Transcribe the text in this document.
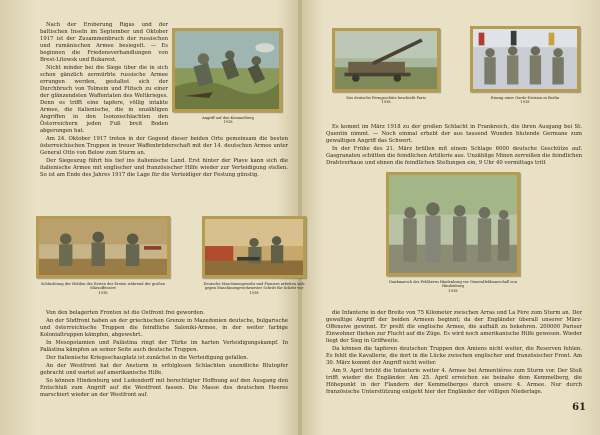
Nach der Eroberung Rigas und der baltischen Inseln im September und Oktober 1917 ist der Zusammenbruch der russischen und rumänischen Armee besiegelt. — Es beginnen die Friedensverhandlungen von Brest-Litowsk und Bukarest.

Nicht minder bei die Siege über die in sich schon gänzlich zermürbte russische Armee errungen werden, gestaltet sich der Durchbruch von Tolmein und Flitsch zu einer der glänzendsten Waffentaten des Weltkrieges. Denn es trifft eine tapfere, völlig intakte Armee, die italienische, die in unzähligen Angriffen in den Isonzoschlachten den Österreichern jeden Fuß breit Boden abgerungen hat.

Angriff auf den Kemmelberg
1918

Am 24. Oktober 1917 treten in der Gegend dieser beiden Orte gemeinsam die besten österreichischen Truppen in treuer Waffenbrüderschaft mit der 14. deutschen Armee unter General Otto von Below zum Sturm an.

Der Siegeszug führt bis tief ins italienische Land. Erst hinter der Piave kann sich die italienische Armee mit englischer und französischer Hilfe wieder zur Verteidigung stellen. So ist am Ende des Jahres 1917 die Lage für die Verteidiger der Festung günstig.

Schlachtung der Helden des Ersten der Ersten während der großen Märzoffensive
1918
Deutsche Maschinengewehr und Pioniere arbeiten sich gegen Maschinengewehrnester Schritt für Schritt vor
1918

Von den belagerten Fronten ist die Ostfront frei geworden.

An der Südfront haben an der griechischen Grenze in Mazedonien deutsche, bulgarische und österreichische Truppen die feindliche Saloniki-Armee, in der weiter farbige Kolonialtruppen kämpfen, abgewehrt.

In Mesopotamien und Palästina ringt der Türke im harten Verteidigungskampf. In Palästina kämpfen an seiner Seite auch deutsche Truppen.

Der italienische Kriegsschauplatz ist zunächst in die Verteidigung gefallen.

An der Westfront hat der Ansturm in erfolglosen Schlachten unendliche Blutopfer gebracht und wartet auf amerikanische Hilfe.

So können Hindenburg und Ludendorff mit berechtigter Hoffnung auf den Ausgang den Entschluß zum Angriff auf die Westfront fassen. Die Masse des deutschen Heeres marschiert wieder an der Westfront auf.

Das deutsche Ferngeschütz beschießt Paris
1918
Einzug einer Garde-Division in Berlin
1918

Es kommt im März 1918 zu der großen Schlacht in Frankreich, die ihren Ausgang bei St. Quentin nimmt. — Noch einmal erhebt der aus tausend Wunden blutende Germane zum gewaltigen Angriff das Schwert.

In der Frühe des 21. März brüllen mit einem Schlage 6000 deutsche Geschütze auf. Gasgranaten schütten die feindlichen Artillerie aus. Unzählige Minen zerreißen die feindlichen Drahtverhaue und ebnen die feindlichen Stellungen ein, 9 Uhr 40 vormittags tritt

Dankmarsch des Feldherrn Hindenburg vor Generalfeldmarschall von Hindenburg
1918

die Infanterie in der Breite von 75 Kilometer zwischen Arras und La Fère zum Sturm an. Der gewaltige Angriff der beiden Armeen beginnt; da der Engländer überall unserer März-Offensive gewinnt. Er preßt die englische Armee, die aufhält zu bekehren. 200000 Pariser Einwohner fliehen zur Flucht auf die Züge. Es wird noch amerikanische Hilfe gewesen. Wieder liegt der Sieg in Griffweite.

Da können die tapferen deutschen Truppen den Amiens nicht weiter, die Reserven fehlen. Es fehlt die Kavallerie, die dort in die Lücke zwischen englischer und französischer Front. Am 30. März kommt der Angriff nicht weiter.

Am 9. April bricht die Infanterie weiter 4. Armee bei Armentières zum Sturm vor. Der Stoß trifft wieder die Engländer. Am 25. April erreichen sie beinahe dem Kemmelberg, die Höhepunkt in der Flandern der Kemmelberges durch unsere 4. Armee. Nur durch französische Unterstützung entgeht hier der Engländer der völligen Niederlage.

61
